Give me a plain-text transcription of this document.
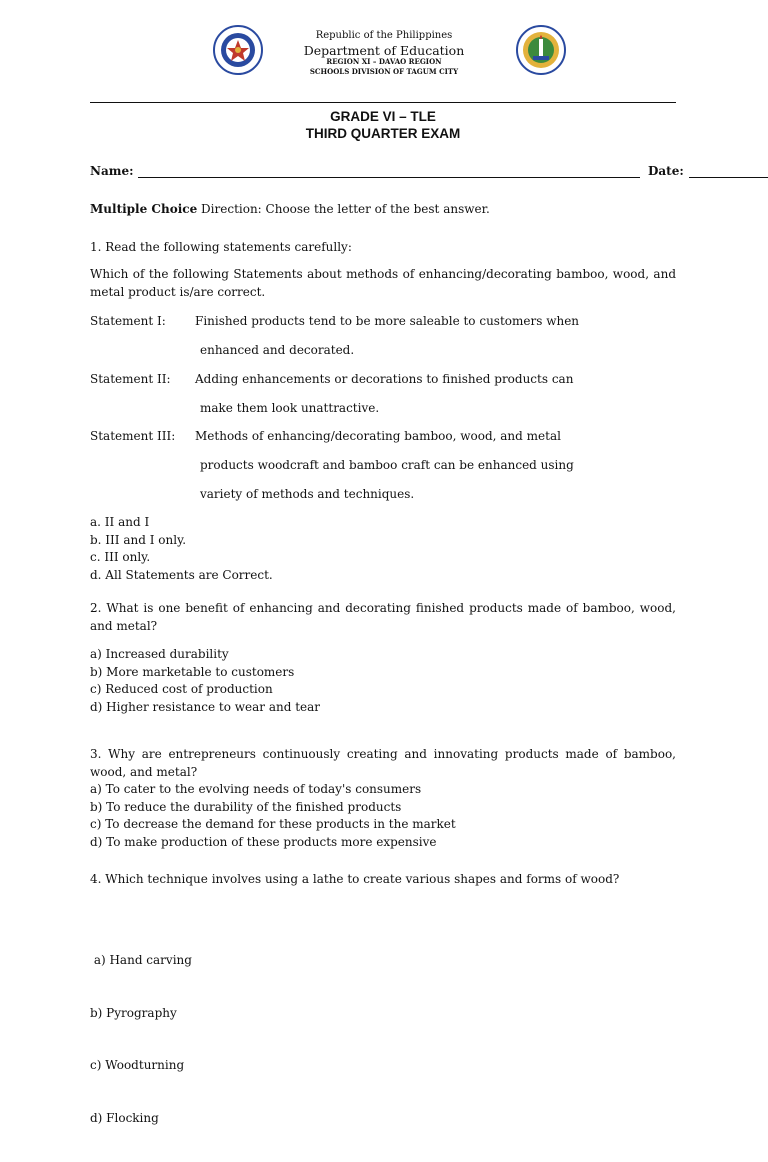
Republic of the Philippines
Department of Education
REGION XI – DAVAO REGION
SCHOOLS DIVISION OF TAGUM CITY
GRADE VI – TLE
THIRD QUARTER EXAM
Name:	Date:
Multiple Choice Direction: Choose the letter of the best answer.
1. Read the following statements carefully:
Which of the following Statements about methods of enhancing/decorating bamboo, wood, and metal product is/are correct.
Statement I: Finished products tend to be more saleable to customers when
enhanced and decorated.
Statement II: Adding enhancements or decorations to finished products can
make them look unattractive.
Statement III: Methods of enhancing/decorating bamboo, wood, and metal
products woodcraft and bamboo craft can be enhanced using
variety of methods and techniques.
a. II and I
b. III and I only.
c. III only.
d. All Statements are Correct.
2. What is one benefit of enhancing and decorating finished products made of bamboo, wood, and metal?
a) Increased durability
b) More marketable to customers
c) Reduced cost of production
d) Higher resistance to wear and tear
3. Why are entrepreneurs continuously creating and innovating products made of bamboo, wood, and metal?
a) To cater to the evolving needs of today's consumers
b) To reduce the durability of the finished products
c) To decrease the demand for these products in the market
d) To make production of these products more expensive
4. Which technique involves using a lathe to create various shapes and forms of wood?

a) Hand carving

b) Pyrography

c) Woodturning

d) Flocking
